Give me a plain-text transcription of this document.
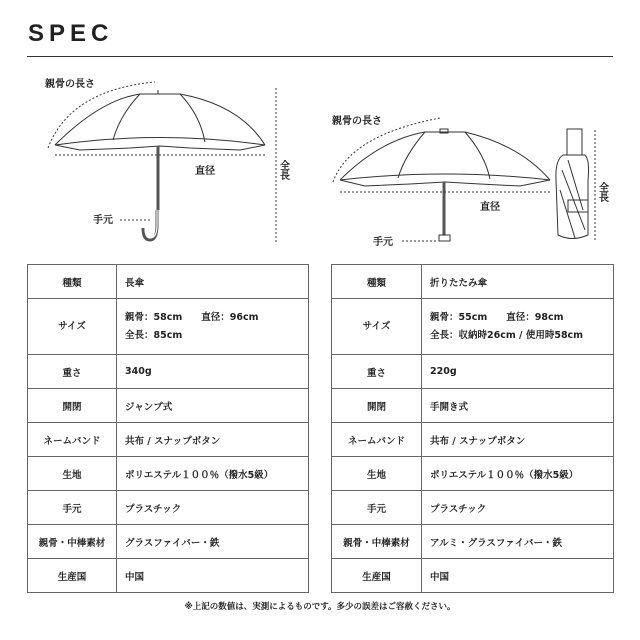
SPEC
親骨の長さ
直径	全長
手元
親骨の長さ
直径
全長
手元
種類	長傘

サイズ	親骨：58cm　　直径：96cm
全長：85cm

重さ	340g

開閉	ジャンプ式

ネームバンド	共布 / スナップボタン

生地	ポリエステル１００％（撥水5級）

手元	プラスチック

親骨・中棒素材	グラスファイバー・鉄

生産国	中国
種類	折りたたみ傘

サイズ	親骨：55cm　　直径：98cm
全長：収納時26cm / 使用時58cm

重さ	220g

開閉	手開き式

ネームバンド	共布 / スナップボタン

生地	ポリエステル１００％（撥水5級）

手元	プラスチック

親骨・中棒素材	アルミ・グラスファイバー・鉄

生産国	中国
※上記の数値は、実測によるものです。多少の誤差はご容赦ください。
